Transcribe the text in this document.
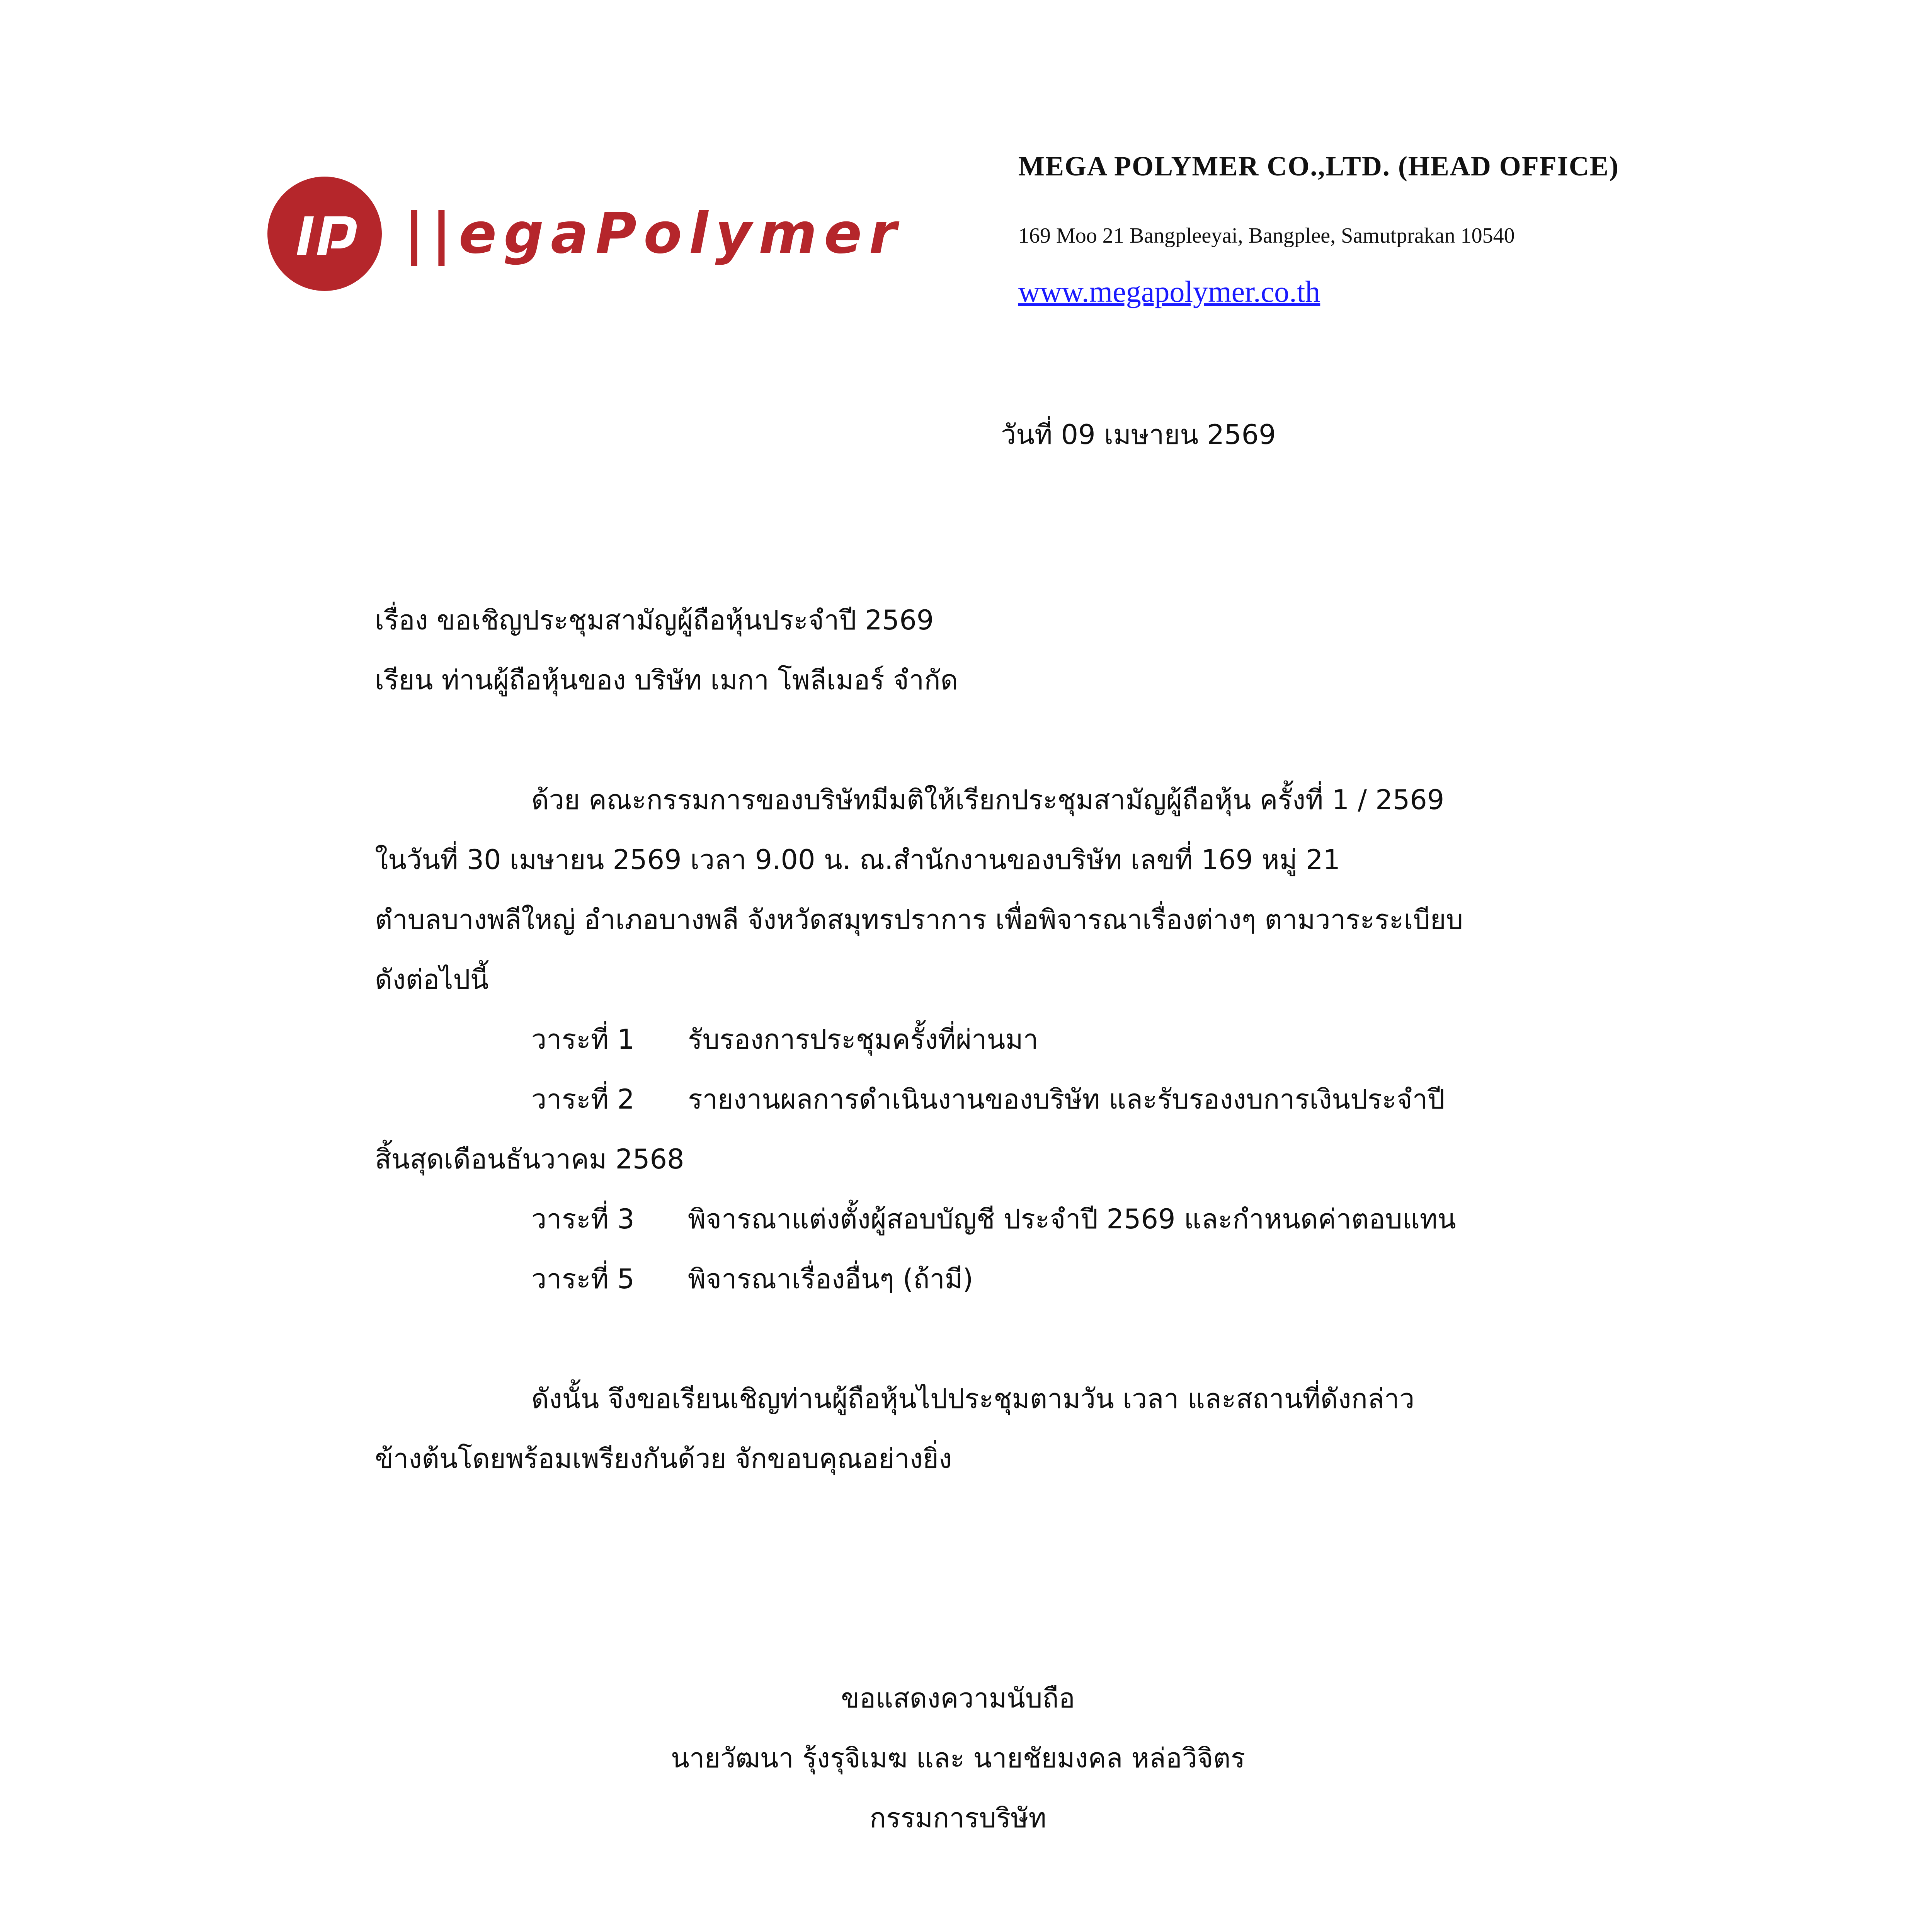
||egaPolymer
MEGA POLYMER CO.,LTD. (HEAD OFFICE)
169 Moo 21 Bangpleeyai, Bangplee, Samutprakan 10540
www.megapolymer.co.th
วันที่ 09 เมษายน 2569
เรื่อง ขอเชิญประชุมสามัญผู้ถือหุ้นประจำปี 2569
เรียน ท่านผู้ถือหุ้นของ บริษัท เมกา โพลีเมอร์ จำกัด
ด้วย คณะกรรมการของบริษัทมีมติให้เรียกประชุมสามัญผู้ถือหุ้น ครั้งที่ 1 / 2569
ในวันที่ 30 เมษายน 2569 เวลา 9.00 น. ณ.สำนักงานของบริษัท เลขที่ 169 หมู่ 21
ตำบลบางพลีใหญ่ อำเภอบางพลี จังหวัดสมุทรปราการ เพื่อพิจารณาเรื่องต่างๆ ตามวาระระเบียบ
ดังต่อไปนี้
วาระที่ 1 รับรองการประชุมครั้งที่ผ่านมา
วาระที่ 2 รายงานผลการดำเนินงานของบริษัท และรับรองงบการเงินประจำปี
สิ้นสุดเดือนธันวาคม 2568
วาระที่ 3 พิจารณาแต่งตั้งผู้สอบบัญชี ประจำปี 2569 และกำหนดค่าตอบแทน
วาระที่ 5 พิจารณาเรื่องอื่นๆ (ถ้ามี)
ดังนั้น จึงขอเรียนเชิญท่านผู้ถือหุ้นไปประชุมตามวัน เวลา และสถานที่ดังกล่าว
ข้างต้นโดยพร้อมเพรียงกันด้วย จักขอบคุณอย่างยิ่ง
ขอแสดงความนับถือ
นายวัฒนา รุ้งรุจิเมฆ และ นายชัยมงคล หล่อวิจิตร
กรรมการบริษัท
